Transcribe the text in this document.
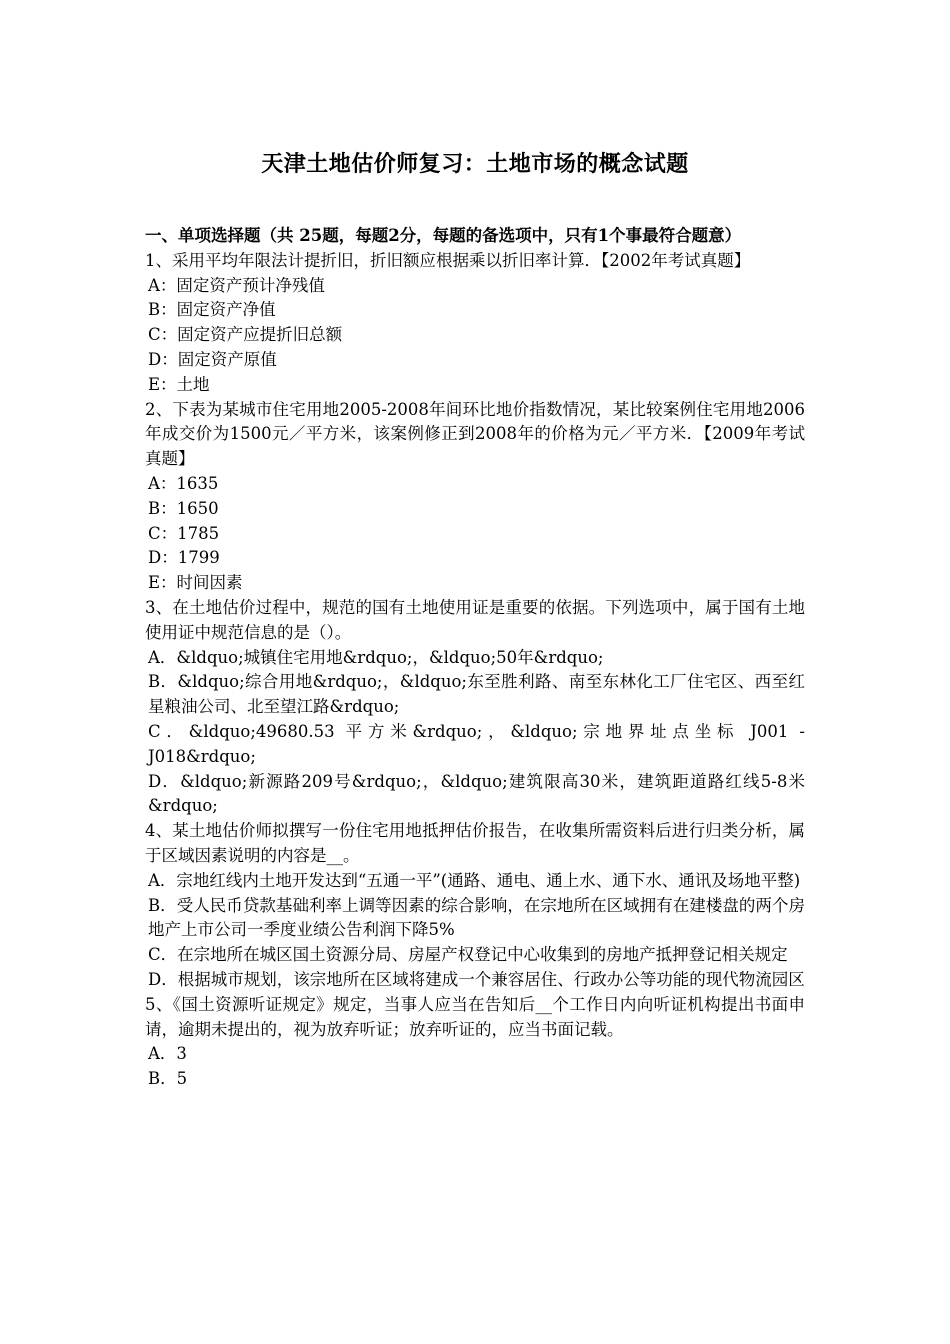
天津土地估价师复习：土地市场的概念试题
一、单项选择题（共 25题，每题2分，每题的备选项中，只有1个事最符合题意）
1、采用平均年限法计提折旧，折旧额应根据乘以折旧率计算．【2002年考试真题】
A：固定资产预计净残值
B：固定资产净值
C：固定资产应提折旧总额
D：固定资产原值
E：土地
2、下表为某城市住宅用地2005-2008年间环比地价指数情况，某比较案例住宅用地2006年成交价为1500元／平方米，该案例修正到2008年的价格为元／平方米．【2009年考试真题】
A：1635
B：1650
C：1785
D：1799
E：时间因素
3、在土地估价过程中，规范的国有土地使用证是重要的依据。下列选项中，属于国有土地使用证中规范信息的是（）。
A．&ldquo;城镇住宅用地&rdquo;，&ldquo;50年&rdquo;
B．&ldquo;综合用地&rdquo;，&ldquo;东至胜利路、南至东林化工厂住宅区、西至红星粮油公司、北至望江路&rdquo;
C．&ldquo;49680.53 平方米&rdquo;，&ldquo;宗地界址点坐标 J001 -J018&rdquo;
D．&ldquo;新源路209号&rdquo;，&ldquo;建筑限高30米，建筑距道路红线5-8米&rdquo;
4、某土地估价师拟撰写一份住宅用地抵押估价报告，在收集所需资料后进行归类分析，属于区域因素说明的内容是__。
A．宗地红线内土地开发达到“五通一平”(通路、通电、通上水、通下水、通讯及场地平整)
B．受人民币贷款基础利率上调等因素的综合影响，在宗地所在区域拥有在建楼盘的两个房地产上市公司一季度业绩公告利润下降5%
C．在宗地所在城区国土资源分局、房屋产权登记中心收集到的房地产抵押登记相关规定
D．根据城市规划，该宗地所在区域将建成一个兼容居住、行政办公等功能的现代物流园区
5、《国土资源听证规定》规定，当事人应当在告知后__个工作日内向听证机构提出书面申请，逾期未提出的，视为放弃听证；放弃听证的，应当书面记载。
A．3
B．5
